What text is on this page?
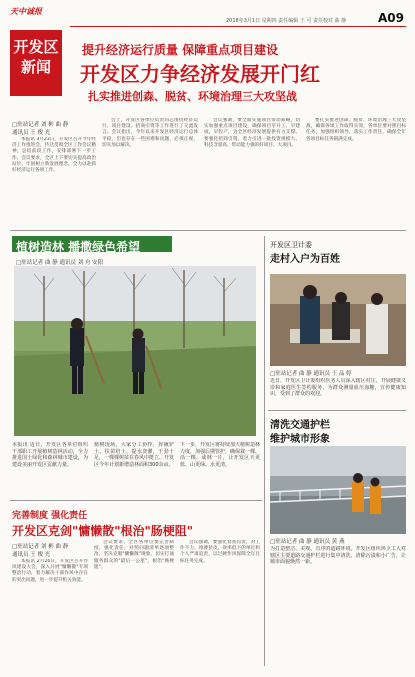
天中诚报
开发区
新闻
2018年3月1日 星期四 责任编辑 王 可 责任校对 曲 静	A09
提升经济运行质量 保障重点项目建设
开发区力争经济发展开门红
扎实推进创森、脱贫、环境治理三大攻坚战
□驻站记者 刘 彬 曲 静
通讯员 王 俊 光

本报讯 3月23日，开发区召开今年经济工作推进会，传达贯彻全区工作会议精神，总结前段工作，安排部署下一步工作。会议要求，全区上下要切实提高政治站位，牢固树立新发展理念，全力以赴抓好经济运行各项工作。

会上，开发区各单位负责同志围绕经济运行、项目建设、招商引资等工作进行了交流发言。会议指出，今年以来开发区经济运行总体平稳，但也存在一些困难和问题，必须正视，切实加以解决。

会议强调，要全面实施项目带动战略，切实加强重点项目建设，确保项目早开工、早建成、早投产，为全区经济发展提供有力支撑。要强化招商引资，着力引进一批投资规模大、科技含量高、带动能力强的好项目、大项目。

要扎实推进创森、脱贫、环境治理三大攻坚战，确保各项工作取得实效。各单位要对照目标任务，加强组织领导，落实工作责任，确保全年各项目标任务圆满完成。

植树造林 播撒绿色希望
□驻站记者 曲 静 通讯员 刘 舟 安阳
本报讯 近日，开发区各单位组织干部职工开展植树造林活动，全力推进国土绿化和森林城市建设，为建设美丽开发区贡献力量。
植树现场，大家分工协作，挥锹铲土、扶苗培土、提水浇灌，干劲十足，一棵棵树苗在春风中挺立。开发区今年计划新增造林面积300余亩。
下一步，开发区将持续加大植树造林力度，加强后期管护，确保栽一棵、活一棵、成林一片，让开发区天更蓝、山更绿、水更清。
开发区卫计委
走村入户为百姓
□驻站记者 曲 静 通讯员 王 品 婷
近日，开发区卫计委组织医务人员深入辖区村庄，开展健康义诊和家庭医生签约服务，为群众测量血压血糖，宣传健康知识，受到了群众的欢迎。
清洗交通护栏
维护城市形象
□驻站记者 曲 静 通讯员 黄 燕
为打造整洁、美观、有序的道路环境，开发区组织环卫工人对辖区主要道路交通护栏进行集中清洗，清除污渍和小广告，让城市面貌焕然一新。
完善制度 强化责任
开发区克剑"慵懒散"根治"肠梗阻"
□驻站记者 刘 彬 曲 静
通讯员 王 俊 光

本报讯 2月26日，开发区召开作风建设大会，深入开展"慵懒散"专项整治行动，着力解决干部作风中存在的突出问题，进一步提升机关效能。

会议要求，全区各单位要完善制度，强化责任，对照问题清单逐项整改，坚决克服"慵懒散"现象，切实打通服务群众的"最后一公里"，根治"肠梗阻"。

会议强调，要强化督查问责，对工作不力、推诿扯皮、效率低下的单位和个人严肃追责，以过硬作风保障全年目标任务完成。
